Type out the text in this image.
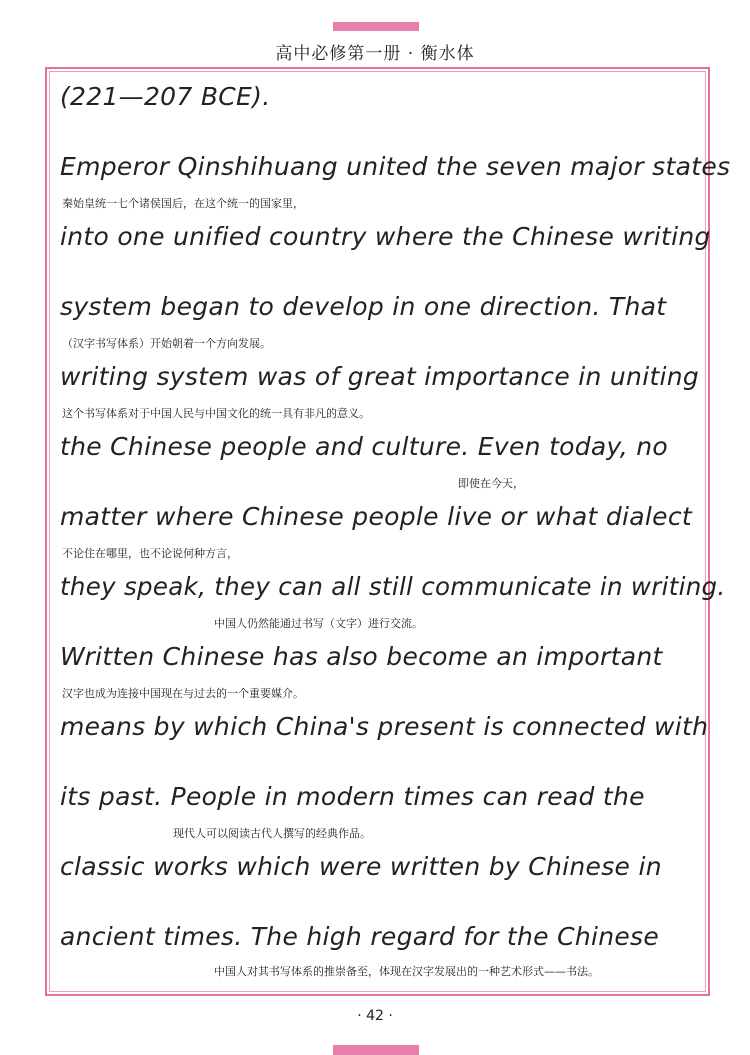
高中必修第一册 · 衡水体
(221—207 BCE).
Emperor Qinshihuang united the seven major states
秦始皇统一七个诸侯国后，在这个统一的国家里，
into one unified country where the Chinese writing
system began to develop in one direction. That
（汉字书写体系）开始朝着一个方向发展。
writing system was of great importance in uniting
这个书写体系对于中国人民与中国文化的统一具有非凡的意义。
the Chinese people and culture. Even today, no
即使在今天，
matter where Chinese people live or what dialect
不论住在哪里，也不论说何种方言，
they speak, they can all still communicate in writing.
中国人仍然能通过书写（文字）进行交流。
Written Chinese has also become an important
汉字也成为连接中国现在与过去的一个重要媒介。
means by which China's present is connected with
its past. People in modern times can read the
现代人可以阅读古代人撰写的经典作品。
classic works which were written by Chinese in
ancient times. The high regard for the Chinese
中国人对其书写体系的推崇备至，体现在汉字发展出的一种艺术形式——书法。
· 42 ·
